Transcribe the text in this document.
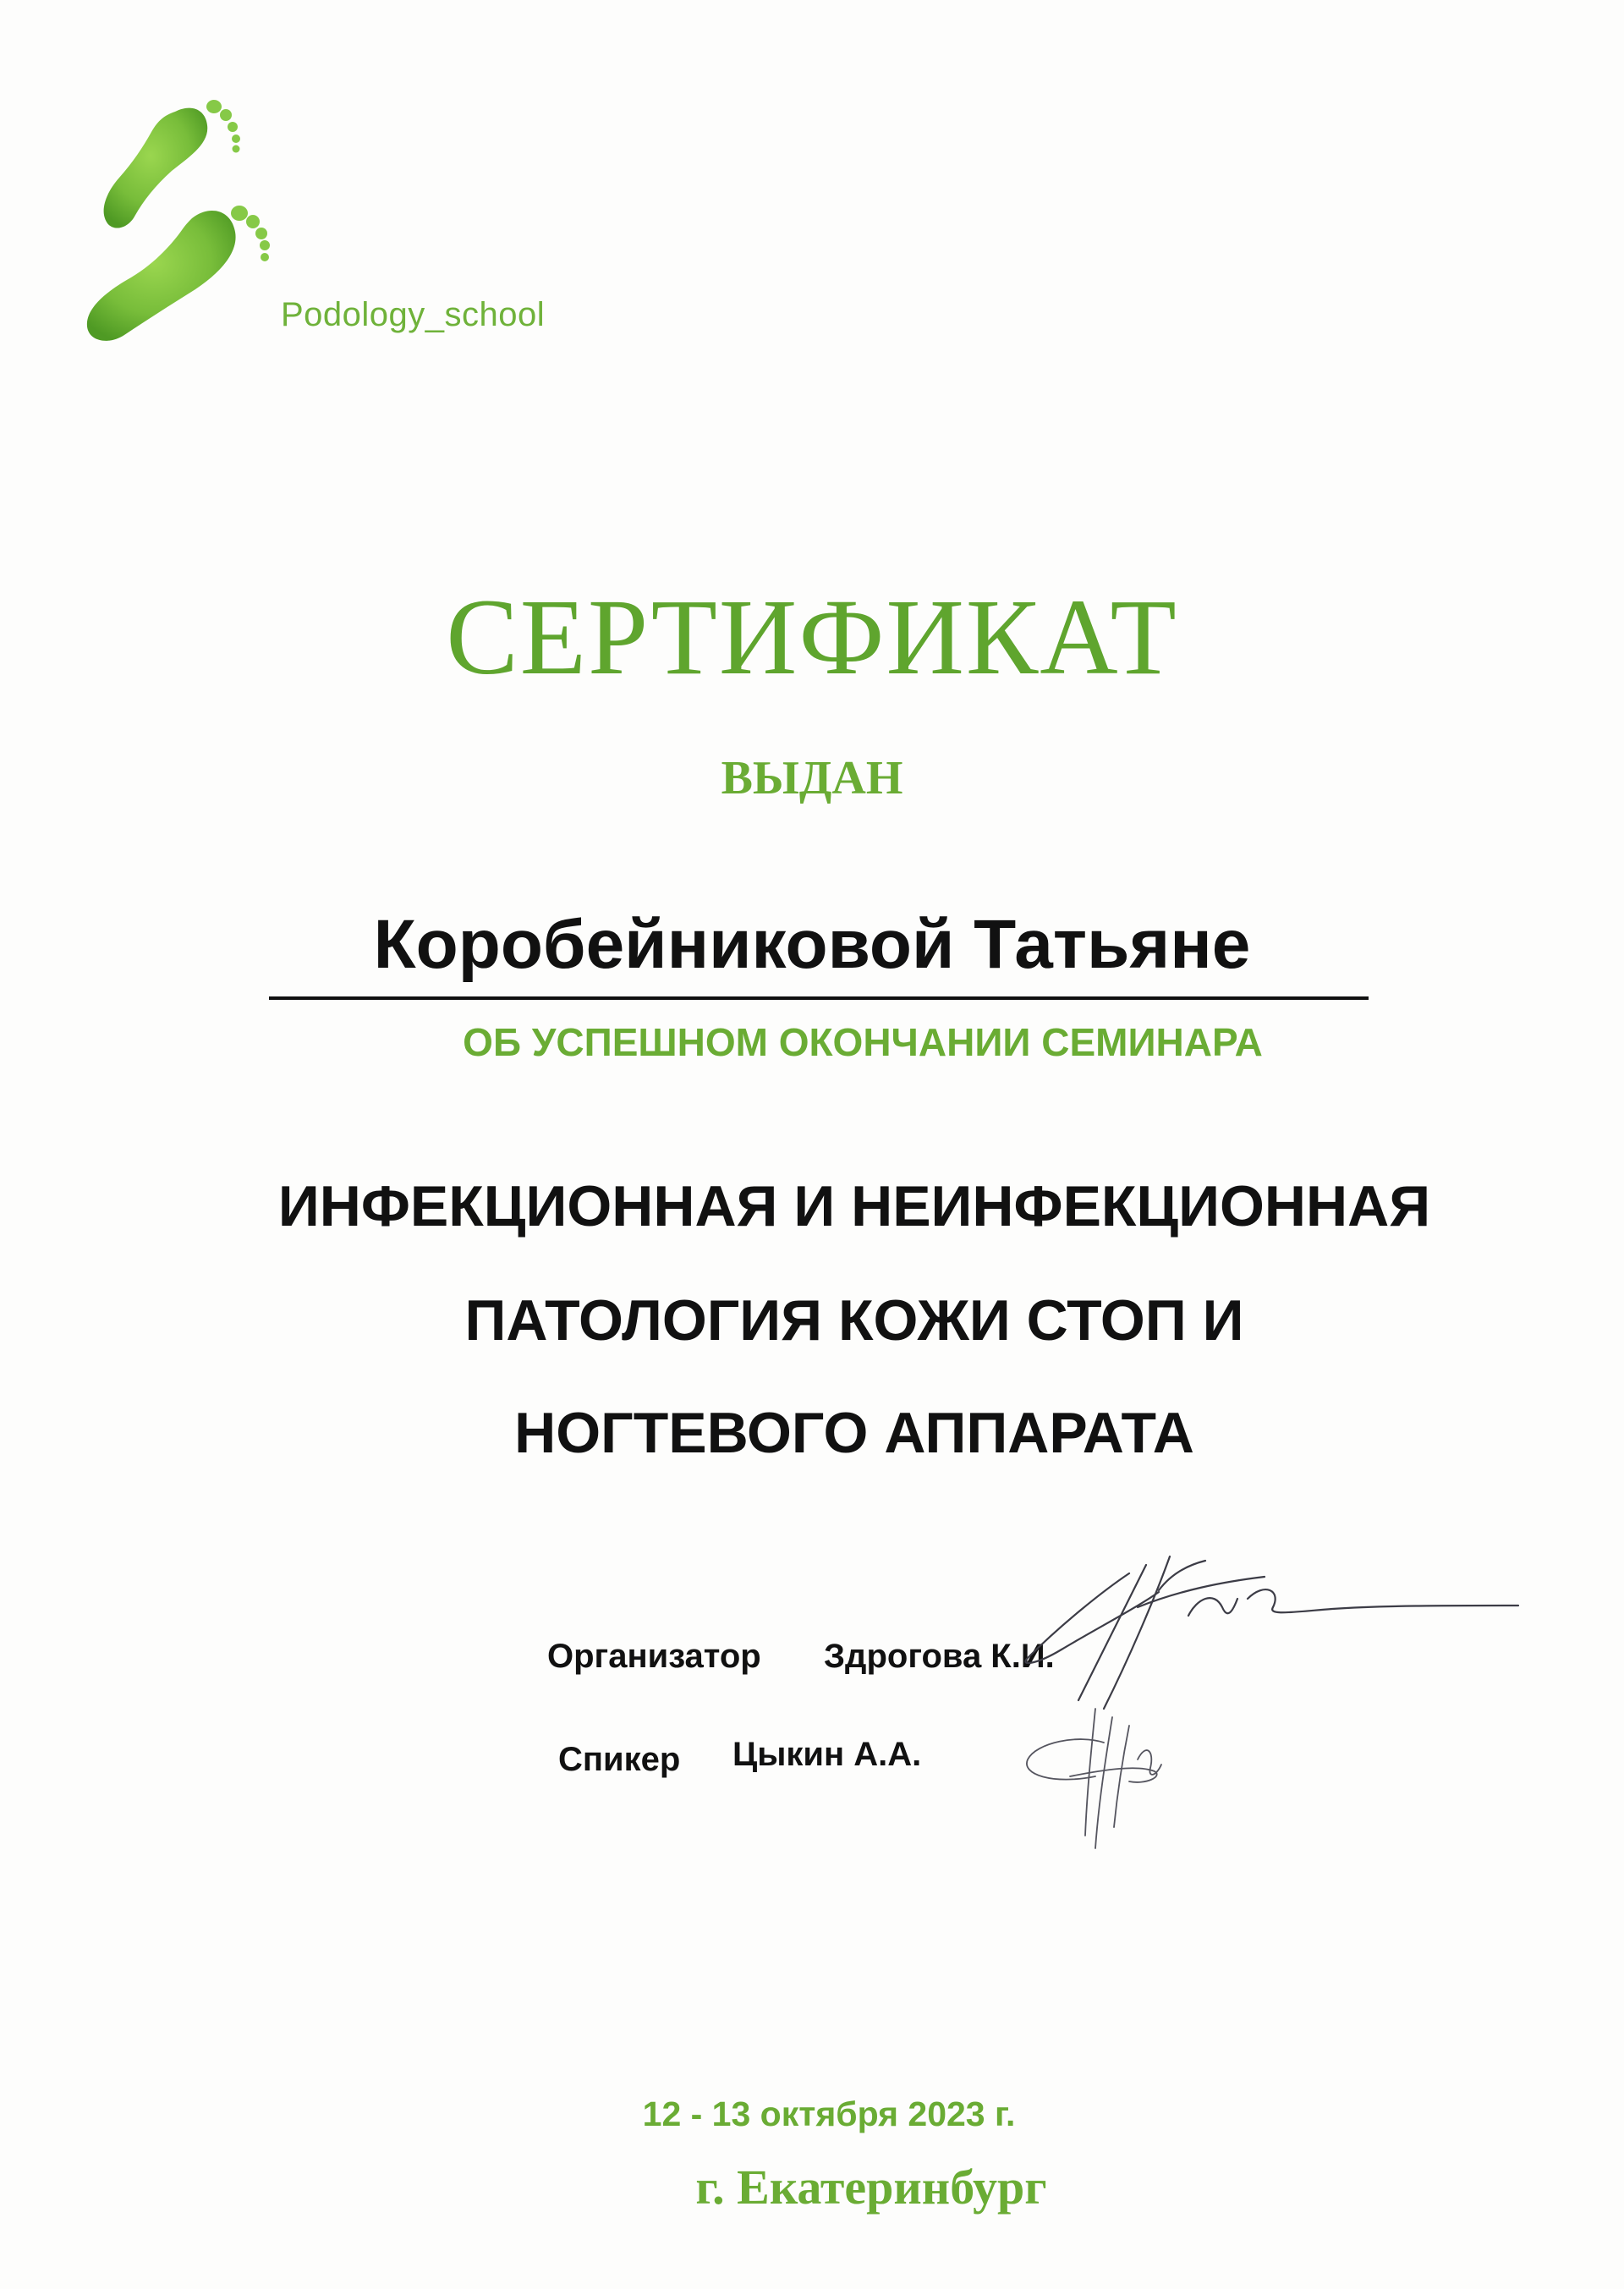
Podology_school
СЕРТИФИКАТ
ВЫДАН
Коробейниковой Татьяне
ОБ УСПЕШНОМ ОКОНЧАНИИ СЕМИНАРА
ИНФЕКЦИОННАЯ И НЕИНФЕКЦИОННАЯ
ПАТОЛОГИЯ КОЖИ СТОП И
НОГТЕВОГО АППАРАТА
Организатор Здрогова К.И.
Спикер Цыкин А.А.
12 - 13 октября 2023 г.
г. Екатеринбург
